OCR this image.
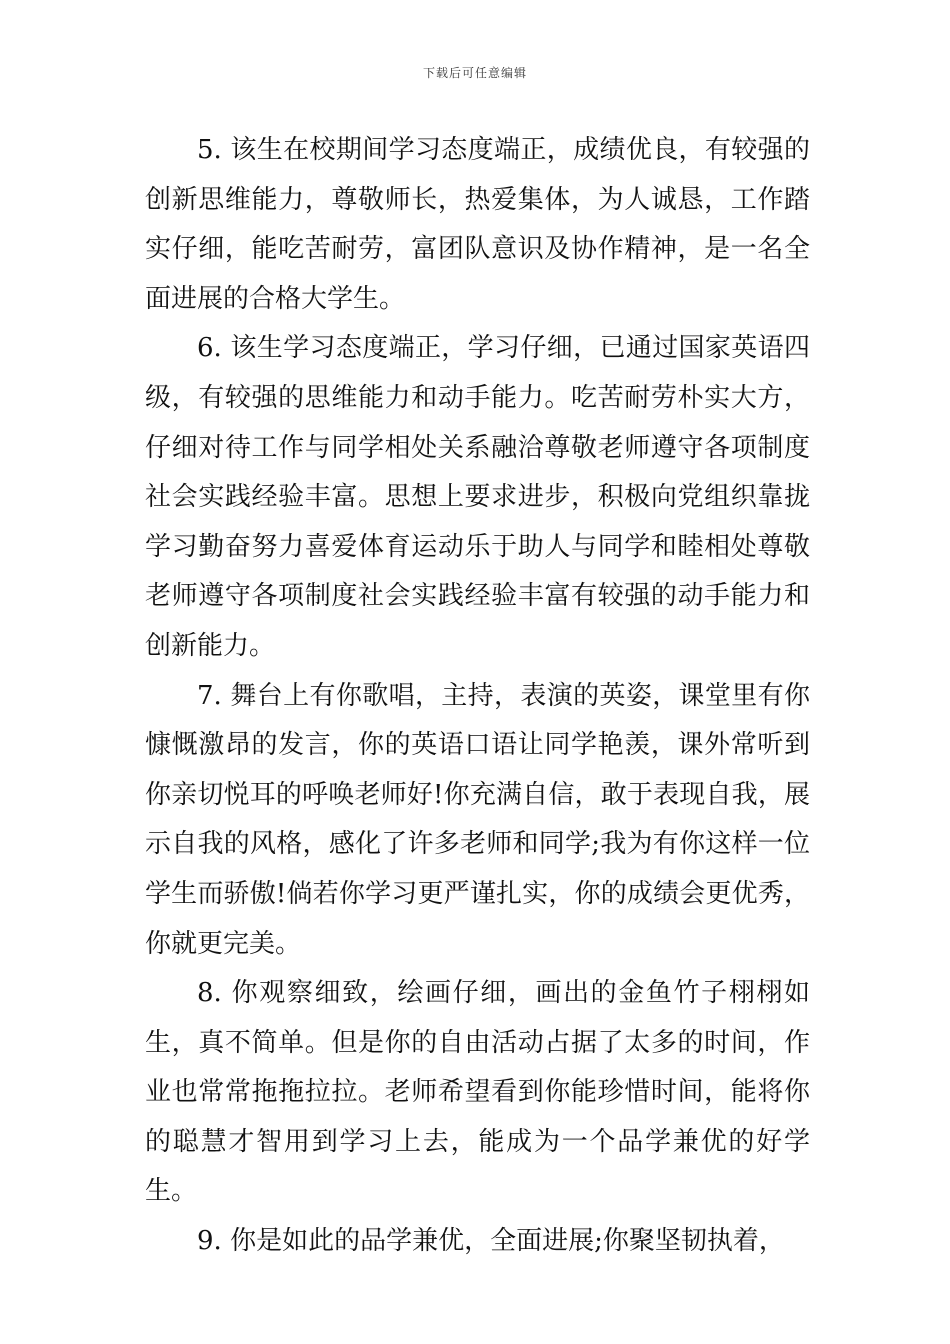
下载后可任意编辑

5. 该生在校期间学习态度端正，成绩优良，有较强的创新思维能力，尊敬师长，热爱集体，为人诚恳，工作踏实仔细，能吃苦耐劳，富团队意识及协作精神，是一名全面进展的合格大学生。

6. 该生学习态度端正，学习仔细，已通过国家英语四级，有较强的思维能力和动手能力。吃苦耐劳朴实大方，仔细对待工作与同学相处关系融洽尊敬老师遵守各项制度社会实践经验丰富。思想上要求进步，积极向党组织靠拢学习勤奋努力喜爱体育运动乐于助人与同学和睦相处尊敬老师遵守各项制度社会实践经验丰富有较强的动手能力和创新能力。

7. 舞台上有你歌唱，主持，表演的英姿，课堂里有你慷慨激昂的发言，你的英语口语让同学艳羡，课外常听到你亲切悦耳的呼唤老师好!你充满自信，敢于表现自我，展示自我的风格，感化了许多老师和同学;我为有你这样一位学生而骄傲!倘若你学习更严谨扎实，你的成绩会更优秀，你就更完美。

8. 你观察细致，绘画仔细，画出的金鱼竹子栩栩如生，真不简单。但是你的自由活动占据了太多的时间，作业也常常拖拖拉拉。老师希望看到你能珍惜时间，能将你的聪慧才智用到学习上去，能成为一个品学兼优的好学生。

9. 你是如此的品学兼优，全面进展;你聚坚韧执着，
